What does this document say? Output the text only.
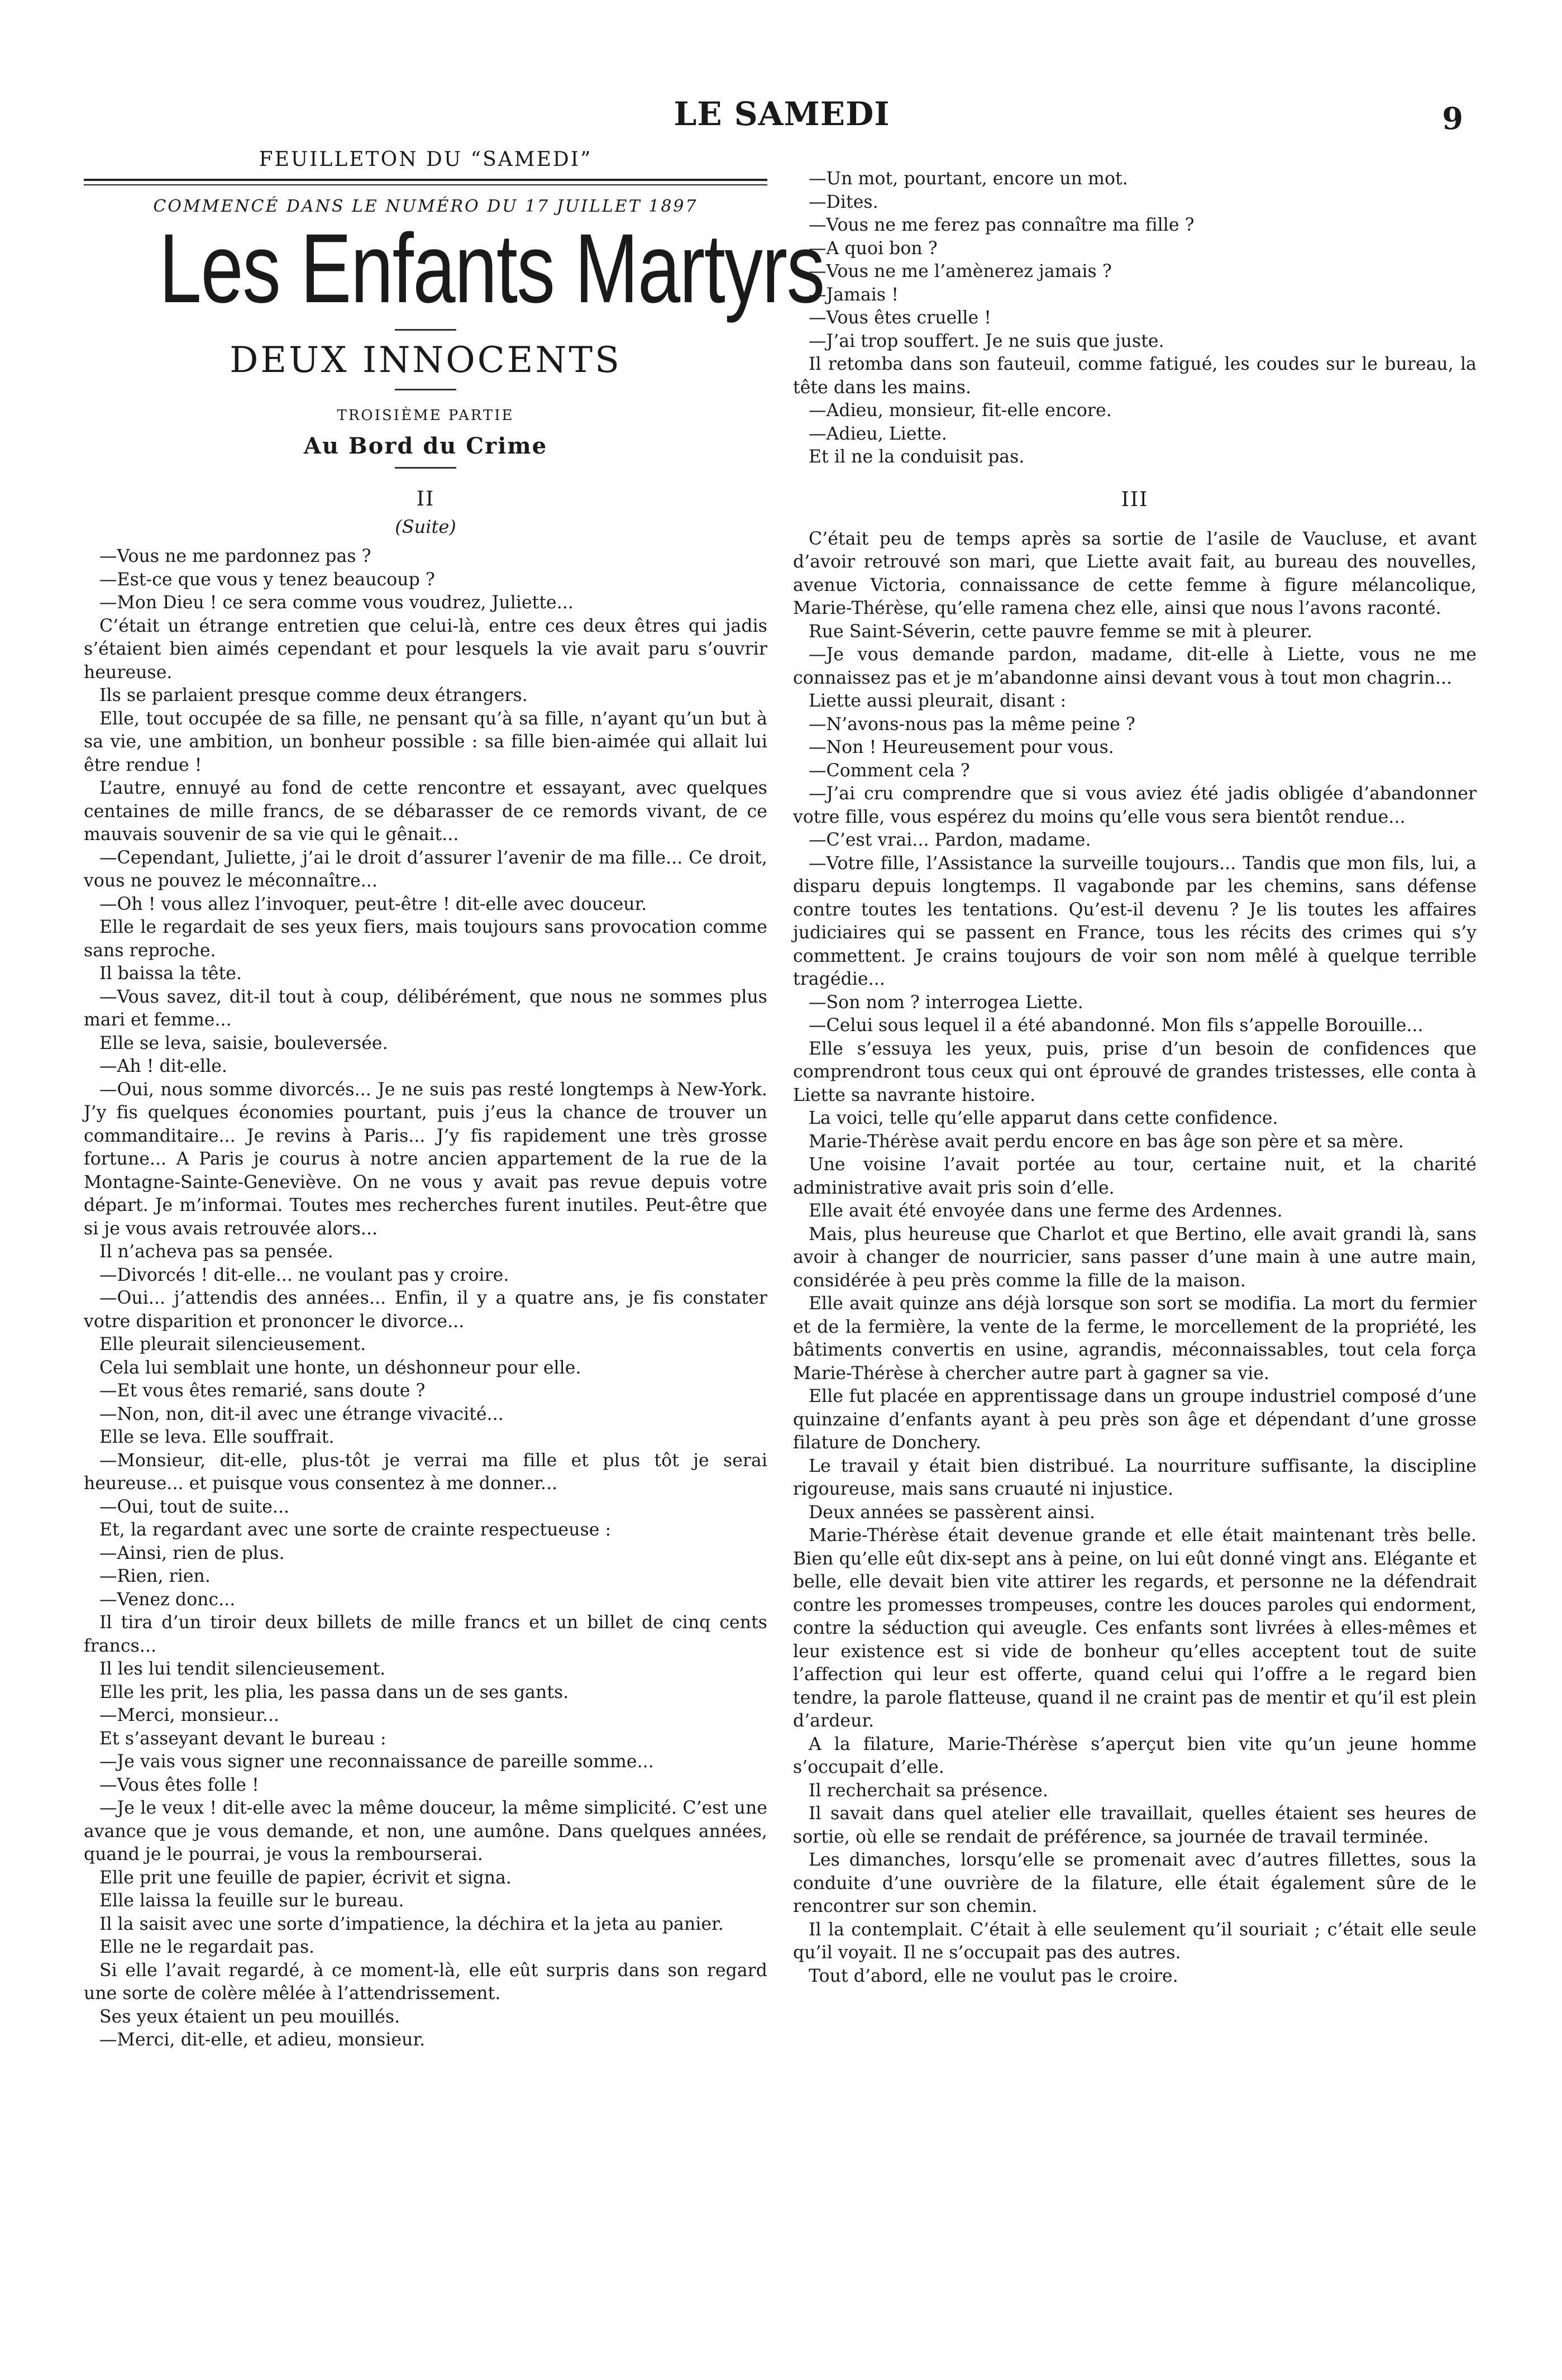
LE SAMEDI	9
FEUILLETON DU “SAMEDI”
COMMENCÉ DANS LE NUMÉRO DU 17 JUILLET 1897
Les Enfants Martyrs
DEUX INNOCENTS
TROISIÈME PARTIE
Au Bord du Crime
II
(Suite)

—Vous ne me pardonnez pas ?

—Est-ce que vous y tenez beaucoup ?

—Mon Dieu ! ce sera comme vous voudrez, Juliette...

C’était un étrange entretien que celui-là, entre ces deux êtres qui jadis s’étaient bien aimés cependant et pour lesquels la vie avait paru s’ouvrir heureuse.

Ils se parlaient presque comme deux étrangers.

Elle, tout occupée de sa fille, ne pensant qu’à sa fille, n’ayant qu’un but à sa vie, une ambition, un bonheur possible : sa fille bien-aimée qui allait lui être rendue !

L’autre, ennuyé au fond de cette rencontre et essayant, avec quelques centaines de mille francs, de se débarasser de ce remords vivant, de ce mauvais souvenir de sa vie qui le gênait...

—Cependant, Juliette, j’ai le droit d’assurer l’avenir de ma fille... Ce droit, vous ne pouvez le méconnaître...

—Oh ! vous allez l’invoquer, peut-être ! dit-elle avec douceur.

Elle le regardait de ses yeux fiers, mais toujours sans provocation comme sans reproche.

Il baissa la tête.

—Vous savez, dit-il tout à coup, délibérément, que nous ne sommes plus mari et femme...

Elle se leva, saisie, bouleversée.

—Ah ! dit-elle.

—Oui, nous somme divorcés... Je ne suis pas resté longtemps à New-York. J’y fis quelques économies pourtant, puis j’eus la chance de trouver un commanditaire... Je revins à Paris... J’y fis rapidement une très grosse fortune... A Paris je courus à notre ancien appartement de la rue de la Montagne-Sainte-Geneviève. On ne vous y avait pas revue depuis votre départ. Je m’informai. Toutes mes recherches furent inutiles. Peut-être que si je vous avais retrouvée alors...

Il n’acheva pas sa pensée.

—Divorcés ! dit-elle... ne voulant pas y croire.

—Oui... j’attendis des années... Enfin, il y a quatre ans, je fis constater votre disparition et prononcer le divorce...

Elle pleurait silencieusement.

Cela lui semblait une honte, un déshonneur pour elle.

—Et vous êtes remarié, sans doute ?

—Non, non, dit-il avec une étrange vivacité...

Elle se leva. Elle souffrait.

—Monsieur, dit-elle, plus-tôt je verrai ma fille et plus tôt je serai heureuse... et puisque vous consentez à me donner...

—Oui, tout de suite...

Et, la regardant avec une sorte de crainte respectueuse :

—Ainsi, rien de plus.

—Rien, rien.

—Venez donc...

Il tira d’un tiroir deux billets de mille francs et un billet de cinq cents francs...

Il les lui tendit silencieusement.

Elle les prit, les plia, les passa dans un de ses gants.

—Merci, monsieur...

Et s’asseyant devant le bureau :

—Je vais vous signer une reconnaissance de pareille somme...

—Vous êtes folle !

—Je le veux ! dit-elle avec la même douceur, la même simplicité. C’est une avance que je vous demande, et non, une aumône. Dans quelques années, quand je le pourrai, je vous la rembourserai.

Elle prit une feuille de papier, écrivit et signa.

Elle laissa la feuille sur le bureau.

Il la saisit avec une sorte d’impatience, la déchira et la jeta au panier.

Elle ne le regardait pas.

Si elle l’avait regardé, à ce moment-là, elle eût surpris dans son regard une sorte de colère mêlée à l’attendrissement.

Ses yeux étaient un peu mouillés.

—Merci, dit-elle, et adieu, monsieur.

—Un mot, pourtant, encore un mot.

—Dites.

—Vous ne me ferez pas connaître ma fille ?

—A quoi bon ?

—Vous ne me l’amènerez jamais ?

—Jamais !

—Vous êtes cruelle !

—J’ai trop souffert. Je ne suis que juste.

Il retomba dans son fauteuil, comme fatigué, les coudes sur le bureau, la tête dans les mains.

—Adieu, monsieur, fit-elle encore.

—Adieu, Liette.

Et il ne la conduisit pas.

III

C’était peu de temps après sa sortie de l’asile de Vaucluse, et avant d’avoir retrouvé son mari, que Liette avait fait, au bureau des nouvelles, avenue Victoria, connaissance de cette femme à figure mélancolique, Marie-Thérèse, qu’elle ramena chez elle, ainsi que nous l’avons raconté.

Rue Saint-Séverin, cette pauvre femme se mit à pleurer.

—Je vous demande pardon, madame, dit-elle à Liette, vous ne me connaissez pas et je m’abandonne ainsi devant vous à tout mon chagrin...

Liette aussi pleurait, disant :

—N’avons-nous pas la même peine ?

—Non ! Heureusement pour vous.

—Comment cela ?

—J’ai cru comprendre que si vous aviez été jadis obligée d’abandonner votre fille, vous espérez du moins qu’elle vous sera bientôt rendue...

—C’est vrai... Pardon, madame.

—Votre fille, l’Assistance la surveille toujours... Tandis que mon fils, lui, a disparu depuis longtemps. Il vagabonde par les chemins, sans défense contre toutes les tentations. Qu’est-il devenu ? Je lis toutes les affaires judiciaires qui se passent en France, tous les récits des crimes qui s’y commettent. Je crains toujours de voir son nom mêlé à quelque terrible tragédie...

—Son nom ? interrogea Liette.

—Celui sous lequel il a été abandonné. Mon fils s’appelle Borouille...

Elle s’essuya les yeux, puis, prise d’un besoin de confidences que comprendront tous ceux qui ont éprouvé de grandes tristesses, elle conta à Liette sa navrante histoire.

La voici, telle qu’elle apparut dans cette confidence.

Marie-Thérèse avait perdu encore en bas âge son père et sa mère.

Une voisine l’avait portée au tour, certaine nuit, et la charité administrative avait pris soin d’elle.

Elle avait été envoyée dans une ferme des Ardennes.

Mais, plus heureuse que Charlot et que Bertino, elle avait grandi là, sans avoir à changer de nourricier, sans passer d’une main à une autre main, considérée à peu près comme la fille de la maison.

Elle avait quinze ans déjà lorsque son sort se modifia. La mort du fermier et de la fermière, la vente de la ferme, le morcellement de la propriété, les bâtiments convertis en usine, agrandis, méconnaissables, tout cela força Marie-Thérèse à chercher autre part à gagner sa vie.

Elle fut placée en apprentissage dans un groupe industriel composé d’une quinzaine d’enfants ayant à peu près son âge et dépendant d’une grosse filature de Donchery.

Le travail y était bien distribué. La nourriture suffisante, la discipline rigoureuse, mais sans cruauté ni injustice.

Deux années se passèrent ainsi.

Marie-Thérèse était devenue grande et elle était maintenant très belle. Bien qu’elle eût dix-sept ans à peine, on lui eût donné vingt ans. Elégante et belle, elle devait bien vite attirer les regards, et personne ne la défendrait contre les promesses trompeuses, contre les douces paroles qui endorment, contre la séduction qui aveugle. Ces enfants sont livrées à elles-mêmes et leur existence est si vide de bonheur qu’elles acceptent tout de suite l’affection qui leur est offerte, quand celui qui l’offre a le regard bien tendre, la parole flatteuse, quand il ne craint pas de mentir et qu’il est plein d’ardeur.

A la filature, Marie-Thérèse s’aperçut bien vite qu’un jeune homme s’occupait d’elle.

Il recherchait sa présence.

Il savait dans quel atelier elle travaillait, quelles étaient ses heures de sortie, où elle se rendait de préférence, sa journée de travail terminée.

Les dimanches, lorsqu’elle se promenait avec d’autres fillettes, sous la conduite d’une ouvrière de la filature, elle était également sûre de le rencontrer sur son chemin.

Il la contemplait. C’était à elle seulement qu’il souriait ; c’était elle seule qu’il voyait. Il ne s’occupait pas des autres.

Tout d’abord, elle ne voulut pas le croire.
